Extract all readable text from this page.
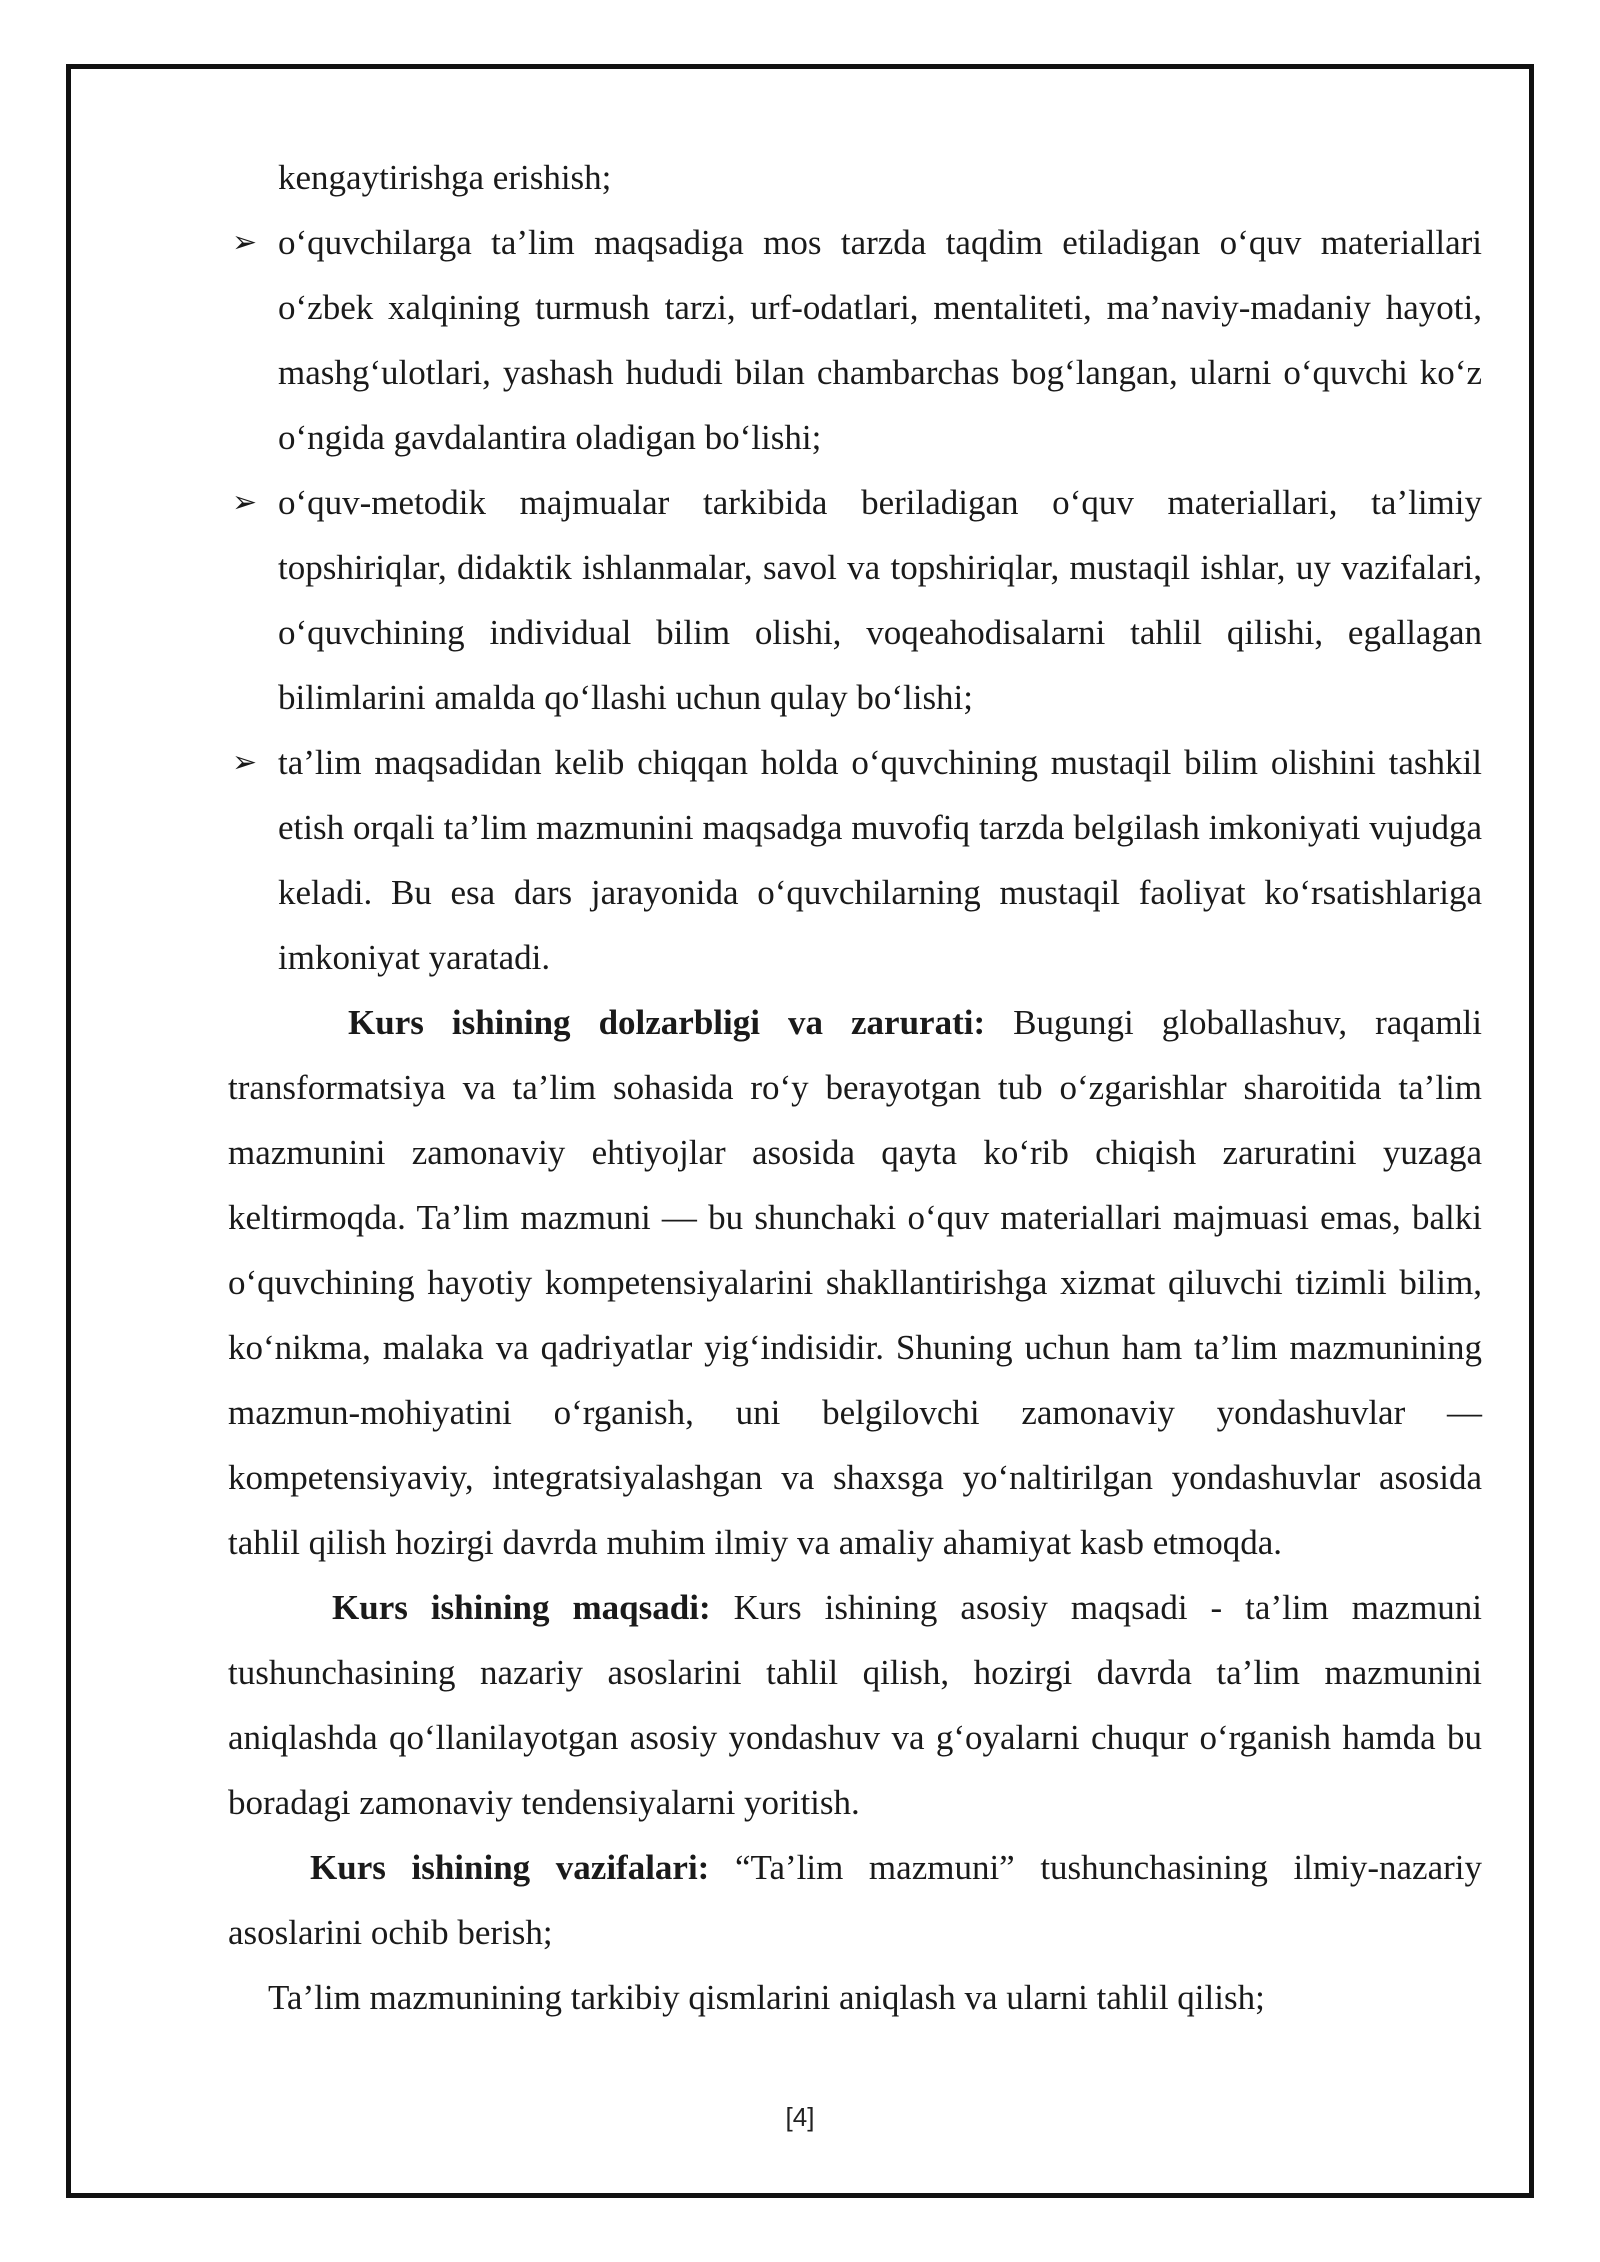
kengaytirishga erishish;

➢ o‘quvchilarga ta’lim maqsadiga mos tarzda taqdim etiladigan o‘quv materiallari o‘zbek xalqining turmush tarzi, urf-odatlari, mentaliteti, ma’naviy-madaniy hayoti, mashg‘ulotlari, yashash hududi bilan chambarchas bog‘langan, ularni o‘quvchi ko‘z o‘ngida gavdalantira oladigan bo‘lishi;
➢ o‘quv-metodik majmualar tarkibida beriladigan o‘quv materiallari, ta’limiy topshiriqlar, didaktik ishlanmalar, savol va topshiriqlar, mustaqil ishlar, uy vazifalari, o‘quvchining individual bilim olishi, voqeahodisalarni tahlil qilishi, egallagan bilimlarini amalda qo‘llashi uchun qulay bo‘lishi;
➢ ta’lim maqsadidan kelib chiqqan holda o‘quvchining mustaqil bilim olishini tashkil etish orqali ta’lim mazmunini maqsadga muvofiq tarzda belgilash imkoniyati vujudga keladi. Bu esa dars jarayonida o‘quvchilarning mustaqil faoliyat ko‘rsatishlariga imkoniyat yaratadi.

Kurs ishining dolzarbligi va zarurati: Bugungi globallashuv, raqamli transformatsiya va ta’lim sohasida ro‘y berayotgan tub o‘zgarishlar sharoitida ta’lim mazmunini zamonaviy ehtiyojlar asosida qayta ko‘rib chiqish zaruratini yuzaga keltirmoqda. Ta’lim mazmuni — bu shunchaki o‘quv materiallari majmuasi emas, balki o‘quvchining hayotiy kompetensiyalarini shakllantirishga xizmat qiluvchi tizimli bilim, ko‘nikma, malaka va qadriyatlar yig‘indisidir. Shuning uchun ham ta’lim mazmunining mazmun-mohiyatini o‘rganish, uni belgilovchi zamonaviy yondashuvlar — kompetensiyaviy, integratsiyalashgan va shaxsga yo‘naltirilgan yondashuvlar asosida tahlil qilish hozirgi davrda muhim ilmiy va amaliy ahamiyat kasb etmoqda.

Kurs ishining maqsadi: Kurs ishining asosiy maqsadi - ta’lim mazmuni tushunchasining nazariy asoslarini tahlil qilish, hozirgi davrda ta’lim mazmunini aniqlashda qo‘llanilayotgan asosiy yondashuv va g‘oyalarni chuqur o‘rganish hamda bu boradagi zamonaviy tendensiyalarni yoritish.

Kurs ishining vazifalari: “Ta’lim mazmuni” tushunchasining ilmiy-nazariy asoslarini ochib berish;

Ta’lim mazmunining tarkibiy qismlarini aniqlash va ularni tahlil qilish;

[4]
